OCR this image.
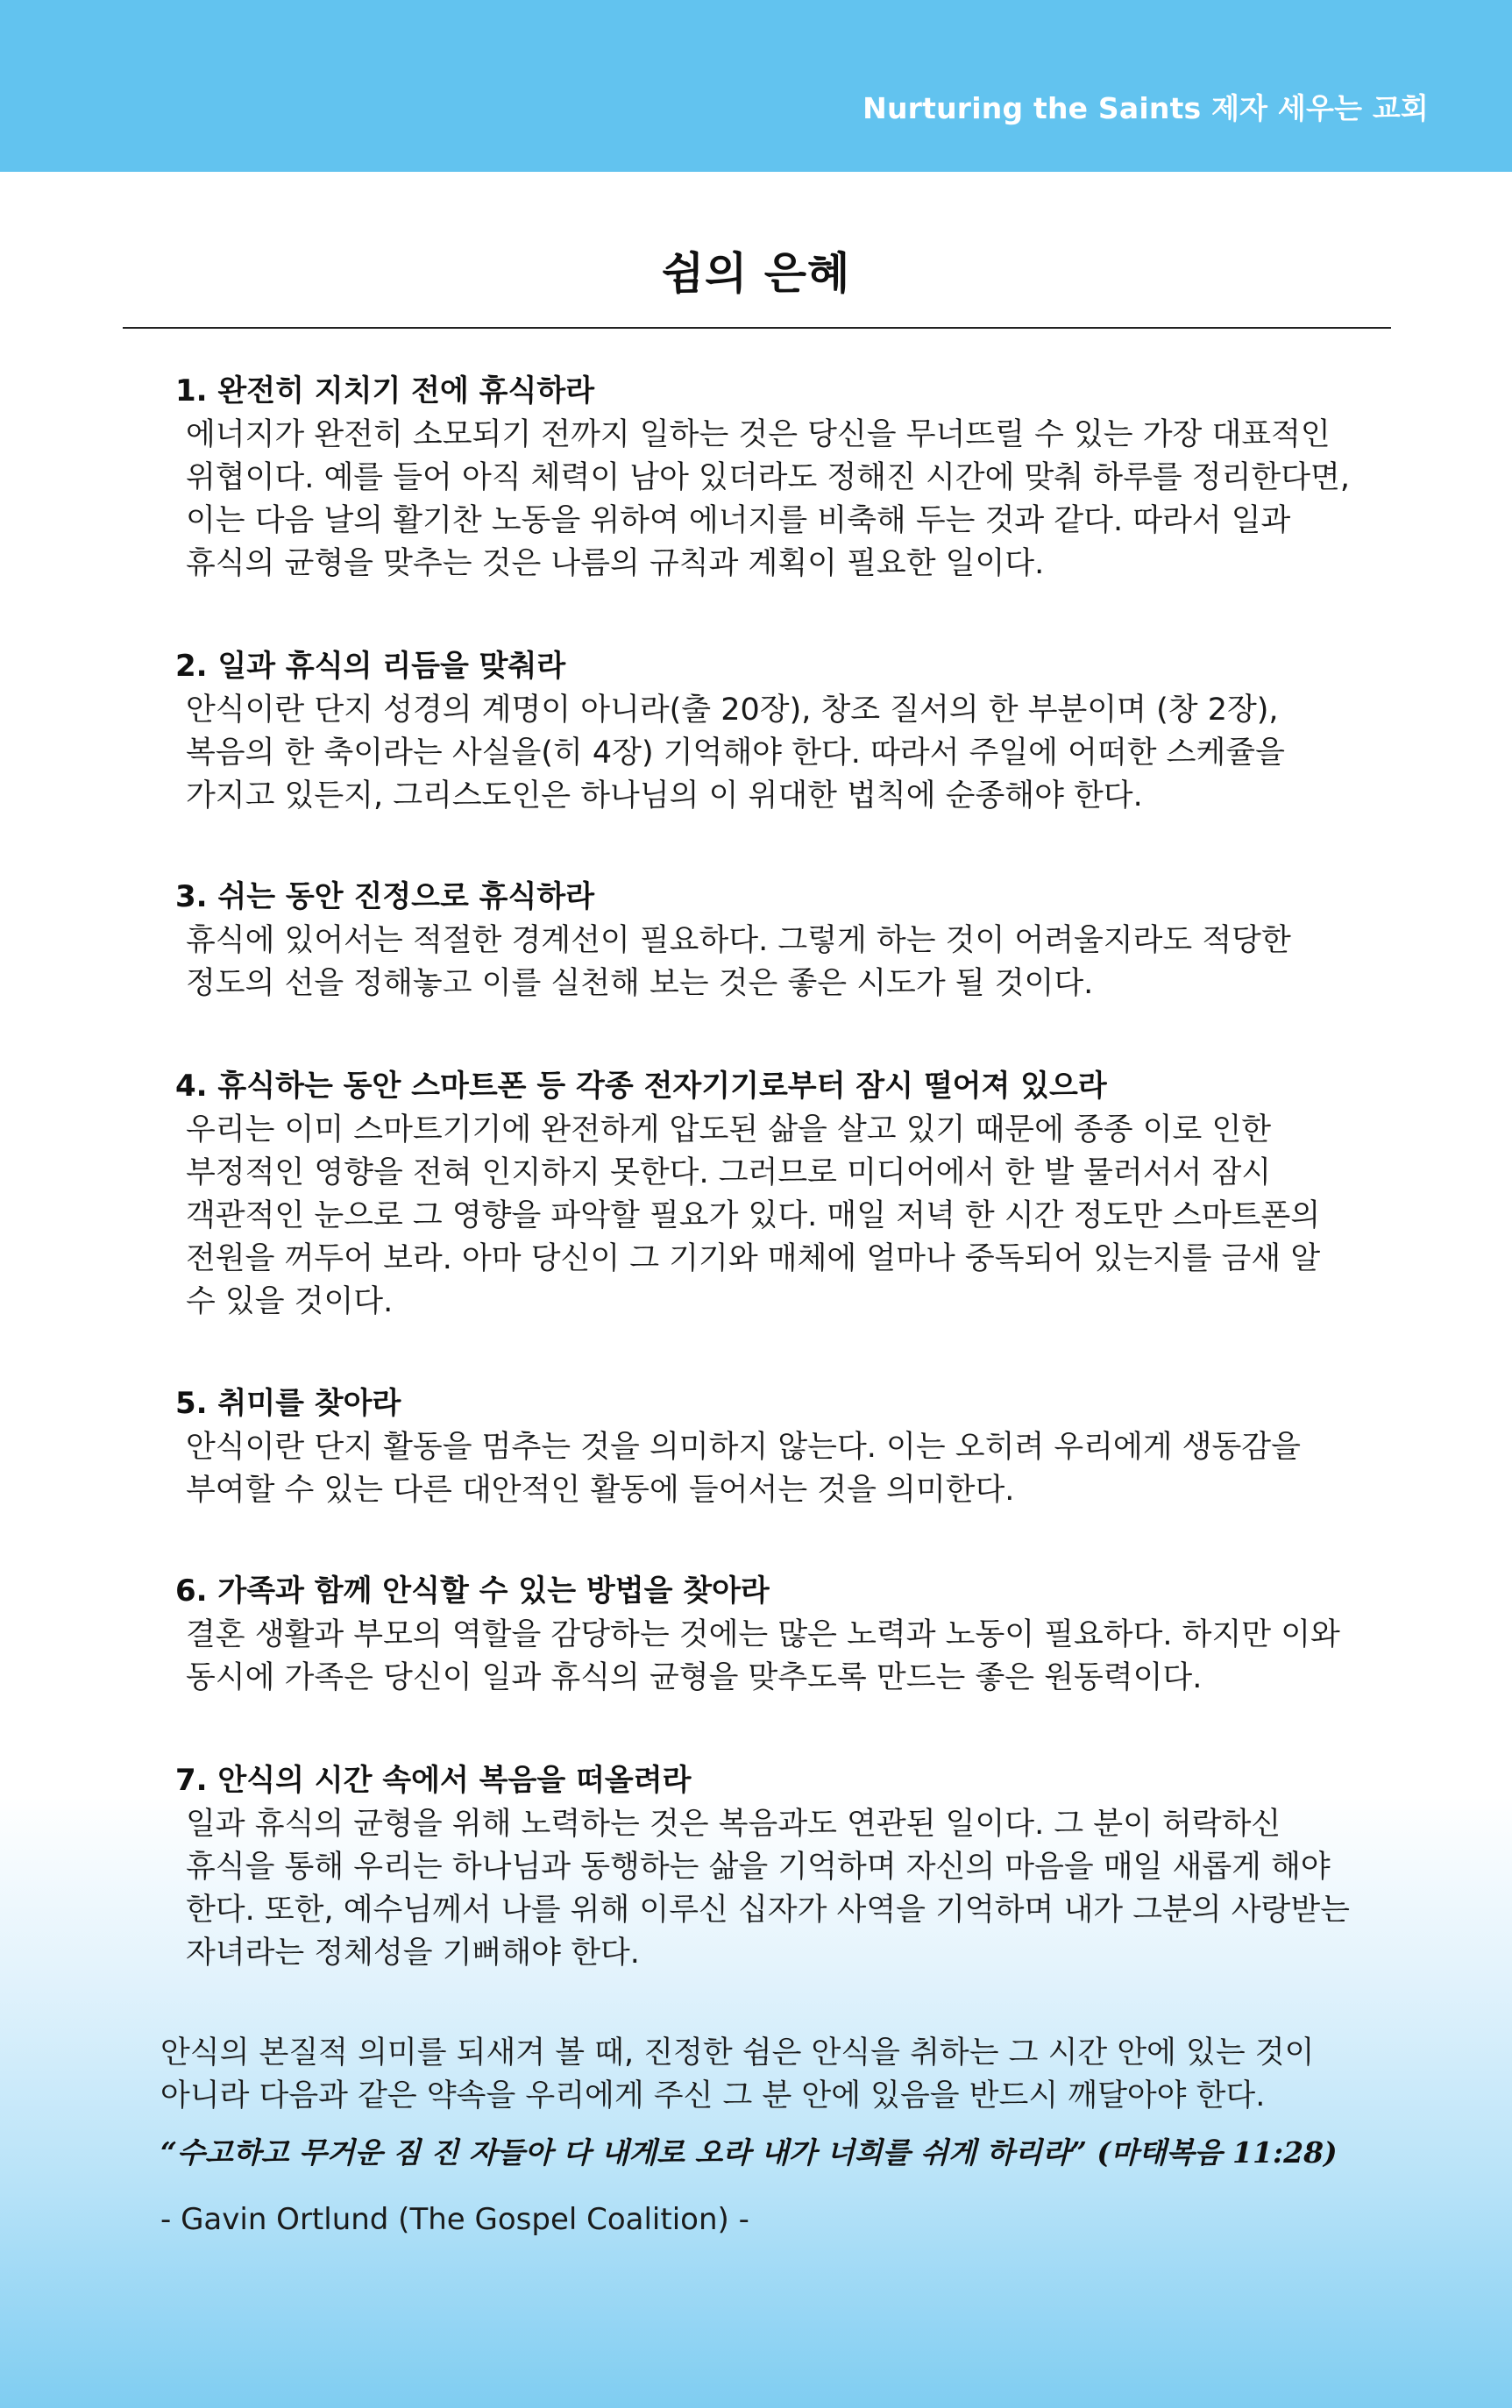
Nurturing the Saints 제자 세우는 교회
쉼의 은혜
1. 완전히 지치기 전에 휴식하라
에너지가 완전히 소모되기 전까지 일하는 것은 당신을 무너뜨릴 수 있는 가장 대표적인
위협이다. 예를 들어 아직 체력이 남아 있더라도 정해진 시간에 맞춰 하루를 정리한다면,
이는 다음 날의 활기찬 노동을 위하여 에너지를 비축해 두는 것과 같다. 따라서 일과
휴식의 균형을 맞추는 것은 나름의 규칙과 계획이 필요한 일이다.
2. 일과 휴식의 리듬을 맞춰라
안식이란 단지 성경의 계명이 아니라(출 20장), 창조 질서의 한 부분이며 (창 2장),
복음의 한 축이라는 사실을(히 4장) 기억해야 한다. 따라서 주일에 어떠한 스케쥴을
가지고 있든지, 그리스도인은 하나님의 이 위대한 법칙에 순종해야 한다.
3. 쉬는 동안 진정으로 휴식하라
휴식에 있어서는 적절한 경계선이 필요하다. 그렇게 하는 것이 어려울지라도 적당한
정도의 선을 정해놓고 이를 실천해 보는 것은 좋은 시도가 될 것이다.
4. 휴식하는 동안 스마트폰 등 각종 전자기기로부터 잠시 떨어져 있으라
우리는 이미 스마트기기에 완전하게 압도된 삶을 살고 있기 때문에 종종 이로 인한
부정적인 영향을 전혀 인지하지 못한다. 그러므로 미디어에서 한 발 물러서서 잠시
객관적인 눈으로 그 영향을 파악할 필요가 있다. 매일 저녁 한 시간 정도만 스마트폰의
전원을 꺼두어 보라. 아마 당신이 그 기기와 매체에 얼마나 중독되어 있는지를 금새 알
수 있을 것이다.
5. 취미를 찾아라
안식이란 단지 활동을 멈추는 것을 의미하지 않는다. 이는 오히려 우리에게 생동감을
부여할 수 있는 다른 대안적인 활동에 들어서는 것을 의미한다.
6. 가족과 함께 안식할 수 있는 방법을 찾아라
결혼 생활과 부모의 역할을 감당하는 것에는 많은 노력과 노동이 필요하다. 하지만 이와
동시에 가족은 당신이 일과 휴식의 균형을 맞추도록 만드는 좋은 원동력이다.
7. 안식의 시간 속에서 복음을 떠올려라
일과 휴식의 균형을 위해 노력하는 것은 복음과도 연관된 일이다. 그 분이 허락하신
휴식을 통해 우리는 하나님과 동행하는 삶을 기억하며 자신의 마음을 매일 새롭게 해야
한다. 또한, 예수님께서 나를 위해 이루신 십자가 사역을 기억하며 내가 그분의 사랑받는
자녀라는 정체성을 기뻐해야 한다.
안식의 본질적 의미를 되새겨 볼 때, 진정한 쉼은 안식을 취하는 그 시간 안에 있는 것이
아니라 다음과 같은 약속을 우리에게 주신 그 분 안에 있음을 반드시 깨달아야 한다.
“수고하고 무거운 짐 진 자들아 다 내게로 오라 내가 너희를 쉬게 하리라” (마태복음 11:28)
- Gavin Ortlund (The Gospel Coalition) -
